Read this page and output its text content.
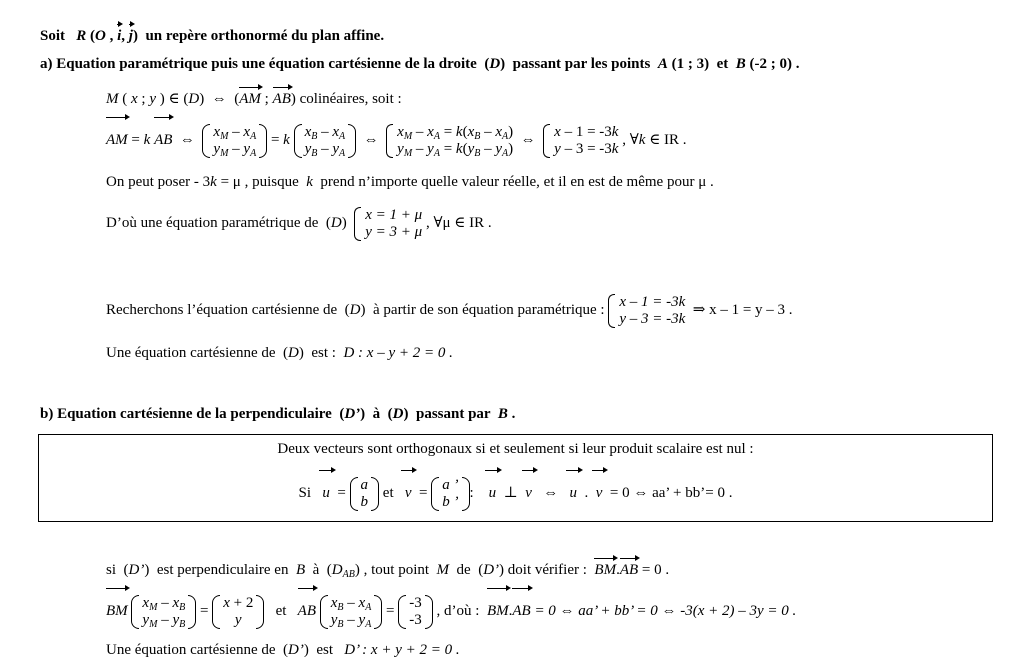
Soit R (O , i, j)  un repère orthonormé du plan affine.
a) Equation paramétrique puis une équation cartésienne de la droite  (D)  passant par les points A (1 ; 3)  et  B (-2 ; 0) .
M ( x ; y ) ∈ (D)  ⇔  (AM ; AB) colinéaires, soit :
AM = k AB  ⇔
$x_M - x_A$
$y_M - y_A$
= k
$x_B - x_A$
$y_B - y_A$
⇔
$x_M - x_A = k(x_B - x_A)$
$y_M - y_A = k(y_B - y_A)$
⇔
x – 1 = -3k
y – 3 = -3k
, ∀k ∈ IR .
On peut poser - 3k = μ , puisque k prend n’importe quelle valeur réelle, et il en est de même pour μ .
D’où une équation paramétrique de  (D)
x = 1 + μ
y = 3 + μ
, ∀μ ∈ IR .
Recherchons l’équation cartésienne de  (D)  à partir de son équation paramétrique :
x – 1 = -3k
y – 3 = -3k
⇒ x – 1 = y – 3 .
Une équation cartésienne de  (D)  est : D : x – y + 2 = 0 .
b) Equation cartésienne de la perpendiculaire  (D’)  à  (D)  passant par B .
Deux vecteurs sont orthogonaux si et seulement si leur produit scalaire est nul :
Si   u  =
a
b
et   v  =
a ’
b ’
:    u  ⊥  v   ⇔   u  .  v  = 0 ⇔ aa’ + bb’= 0 .
si  (D’)  est perpendiculaire en B à  $(D_{AB})$ , tout point M de  (D’) doit vérifier : BM.AB = 0 .
BM
$x_M - x_B$
$y_M - y_B$
=
x + 2
y
et AB
$x_B - x_A$
$y_B - y_A$
=
-3
-3
, d’où : BM.AB = 0 ⇔ aa’ + bb’ = 0 ⇔ -3(x + 2) – 3y = 0 .
Une équation cartésienne de  (D’)  est D’ : x + y + 2 = 0 .
